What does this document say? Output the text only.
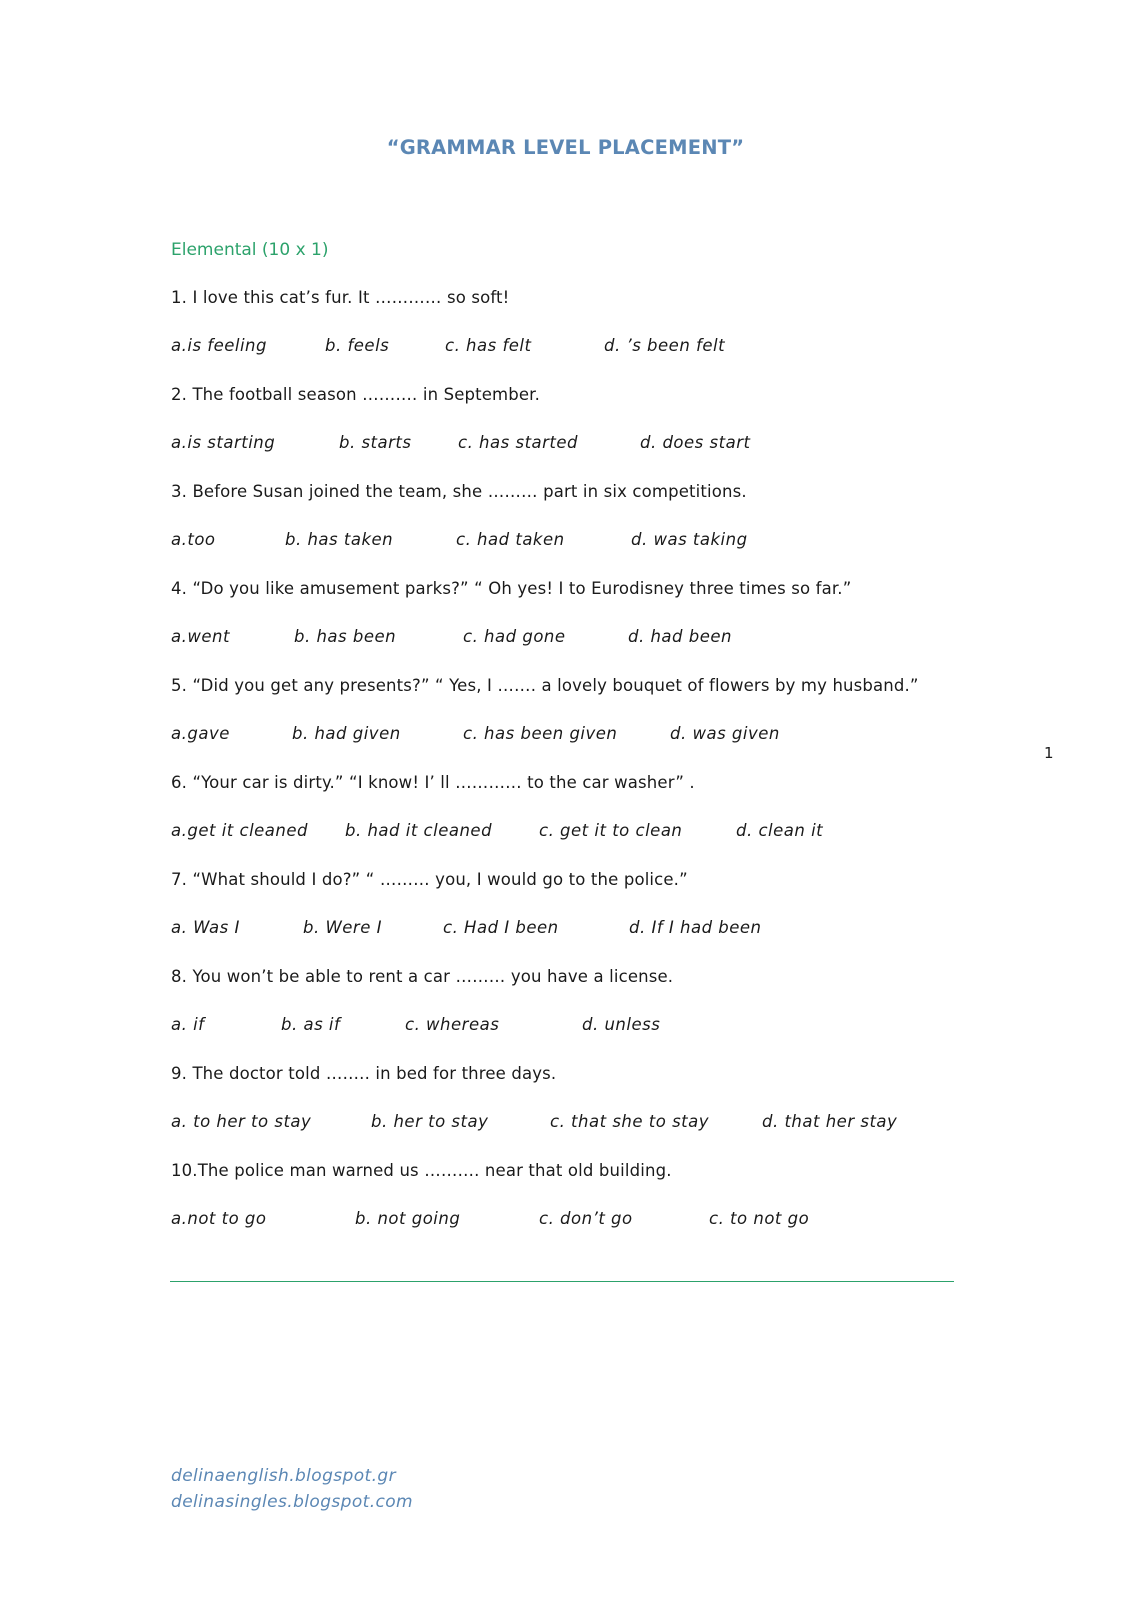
“GRAMMAR LEVEL PLACEMENT”
Elemental (10 x 1)
1. I love this cat’s fur. It ………… so soft!
a.is feeling	b. feels	c. has felt	d. ’s been felt
2. The football season ………. in September.
a.is starting	b. starts	c. has started	d. does start
3. Before Susan joined the team, she ……… part in six competitions.
a.too	b. has taken	c. had taken	d. was taking
4. “Do you like amusement parks?” “ Oh yes! I to Eurodisney three times so far.”
a.went	b. has been	c. had gone	d. had been
5. “Did you get any presents?” “ Yes, I ……. a lovely bouquet of flowers by my husband.”
a.gave	b. had given	c. has been given	d. was given
6. “Your car is dirty.” “I know! I’ ll ………… to the car washer” .
a.get it cleaned b. had it cleaned	c. get it to clean	d. clean it
7. “What should I do?” “ ……… you, I would go to the police.”
a. Was I	b. Were I	c. Had I been	d. If I had been
8. You won’t be able to rent a car ……… you have a license.
a. if	b. as if	c. whereas	d. unless
9. The doctor told …….. in bed for three days.
a. to her to stay	b. her to stay	c. that she to stay	d. that her stay
10.The police man warned us ………. near that old building.
a.not to go	b. not going	c. don’t go	c. to not go
1
delinaenglish.blogspot.gr
delinasingles.blogspot.com
